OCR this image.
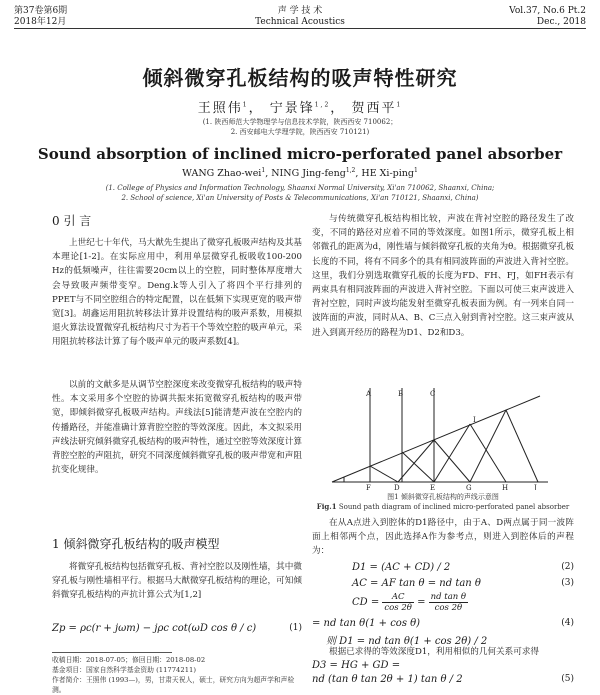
第37卷第6期
2018年12月
声 学 技 术
Technical Acoustics
Vol.37, No.6 Pt.2
Dec., 2018
倾斜微穿孔板结构的吸声特性研究
王照伟$^1$， 宁景锋$^{1,2}$， 贺西平$^1$
(1. 陕西师范大学物理学与信息技术学院，陕西西安 710062；
2. 西安邮电大学理学院，陕西西安 710121)
Sound absorption of inclined micro-perforated panel absorber
WANG Zhao-wei$^1$, NING Jing-feng$^{1,2}$, HE Xi-ping$^1$
(1. College of Physics and Information Technology, Shaanxi Normal University, Xi'an 710062, Shaanxi, China;
2. School of science, Xi'an University of Posts & Telecommunications, Xi'an 710121, Shaanxi, China)
0 引 言
上世纪七十年代，马大猷先生提出了微穿孔板吸声结构及其基本理论[1-2]。在实际应用中，利用单层微穿孔板吸收100-200 Hz的低频噪声，往往需要20cm以上的空腔，同时整体厚度增大会导致吸声频带变窄。Deng.k等人引入了将四个平行排列的PPET与不同空腔组合的特定配置，以在低频下实现更宽的吸声带宽[3]。胡鑫运用阻抗转移法计算并设置结构的吸声系数，用模拟退火算法设置微穿孔板结构尺寸为若干个等效空腔的吸声单元，采用阻抗转移法计算了每个吸声单元的吸声系数[4]。
以前的文献多是从调节空腔深度来改变微穿孔板结构的吸声特性。本文采用多个空腔的协调共振来拓宽微穿孔板结构的吸声带宽，即倾斜微穿孔板吸声结构。声线法[5]能清楚声波在空腔内的传播路径，并能准确计算背腔空腔的等效深度。因此，本文拟采用声线法研究倾斜微穿孔板结构的吸声特性，通过空腔等效深度计算背腔空腔的声阻抗，研究不同深度倾斜微穿孔板的吸声带宽和声阻抗变化规律。
1 倾斜微穿孔板结构的吸声模型
将微穿孔板结构包括微穿孔板、背衬空腔以及刚性墙，其中微穿孔板与刚性墙相平行。根据马大猷微穿孔板结构的理论，可知倾斜微穿孔板结构的声抗计算公式为[1,2]
Zp = ρc(r + jωm) − jρc cot(ωD cos θ / c)	(1)
收稿日期：2018-07-05；修回日期：2018-08-02
基金项目：国家自然科学基金资助 (11774211)
作者简介：王照伟 (1993—)，男，甘肃天祝人，硕士，研究方向为超声学和声检测。
与传统微穿孔板结构相比较，声波在背衬空腔的路径发生了改变，不同的路径对应着不同的等效深度。如图1所示，微穿孔板上相邻微孔的距离为d，刚性墙与倾斜微穿孔板的夹角为θ。根据微穿孔板长度的不同，将有不同多个的具有相同波阵面的声波进入背衬空腔。这里，我们分别选取微穿孔板的长度为FD、FH、FJ，如FH表示有两束具有相同波阵面的声波进入背衬空腔。下面以可使三束声波进入背衬空腔，同时声波均能发射至微穿孔板表面为例。有一列来自同一波阵面的声波，同时从A、B、C三点入射到背衬空腔。这三束声波从进入到离开经历的路程为D1、D2和D3。
A	B	C
D	E
F	G	H
I
J
图1 倾斜微穿孔板结构的声线示意图
Fig.1 Sound path diagram of inclined micro-perforated panel absorber
在从A点进入到腔体的D1路径中，由于A、D两点属于同一波阵面上相邻两个点，因此选择A作为参考点，则进入到腔体后的声程为：
D1 = (AC + CD) / 2	(2)
AC = AF tan θ = nd tan θ	(3)
CD = $\frac{AC}{\cos 2\theta} = \frac{\text{nd tan θ}}{\cos 2\theta}$
= nd tan θ(1 + cos θ)	(4)
则 D1 = nd tan θ(1 + cos 2θ) / 2
根据已求得的等效深度D1，利用相似的几何关系可求得
D3 = HG + GD =
nd (tan θ tan 2θ + 1) tan θ / 2	(5)
